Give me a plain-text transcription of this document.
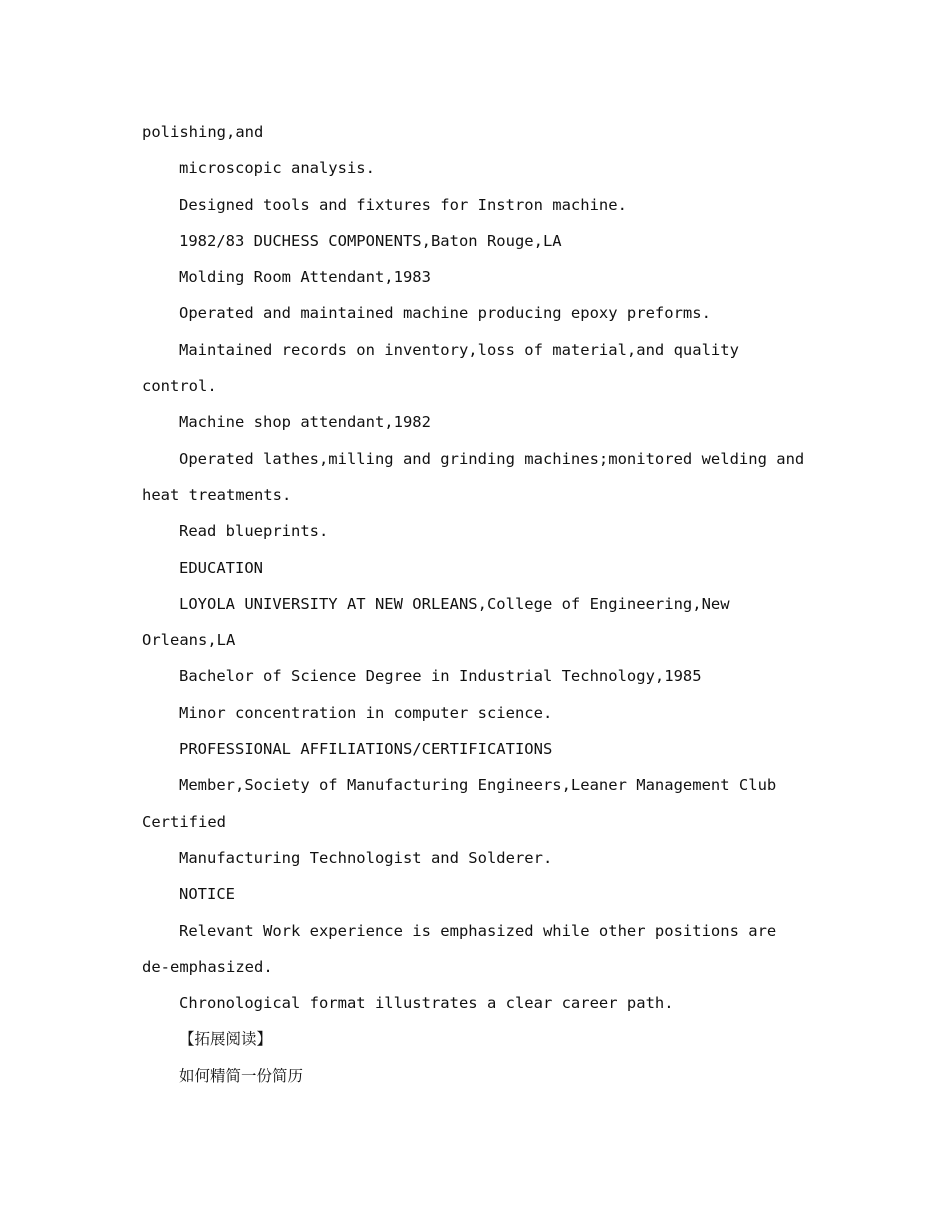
polishing,and
microscopic analysis.
Designed tools and fixtures for Instron machine.
1982/83 DUCHESS COMPONENTS,Baton Rouge,LA
Molding Room Attendant,1983
Operated and maintained machine producing epoxy preforms.
Maintained records on inventory,loss of material,and quality
control.
Machine shop attendant,1982
Operated lathes,milling and grinding machines;monitored welding and
heat treatments.
Read blueprints.
EDUCATION
LOYOLA UNIVERSITY AT NEW ORLEANS,College of Engineering,New
Orleans,LA
Bachelor of Science Degree in Industrial Technology,1985
Minor concentration in computer science.
PROFESSIONAL AFFILIATIONS/CERTIFICATIONS
Member,Society of Manufacturing Engineers,Leaner Management Club
Certified
Manufacturing Technologist and Solderer.
NOTICE
Relevant Work experience is emphasized while other positions are
de-emphasized.
Chronological format illustrates a clear career path.
【拓展阅读】
如何精简一份简历
